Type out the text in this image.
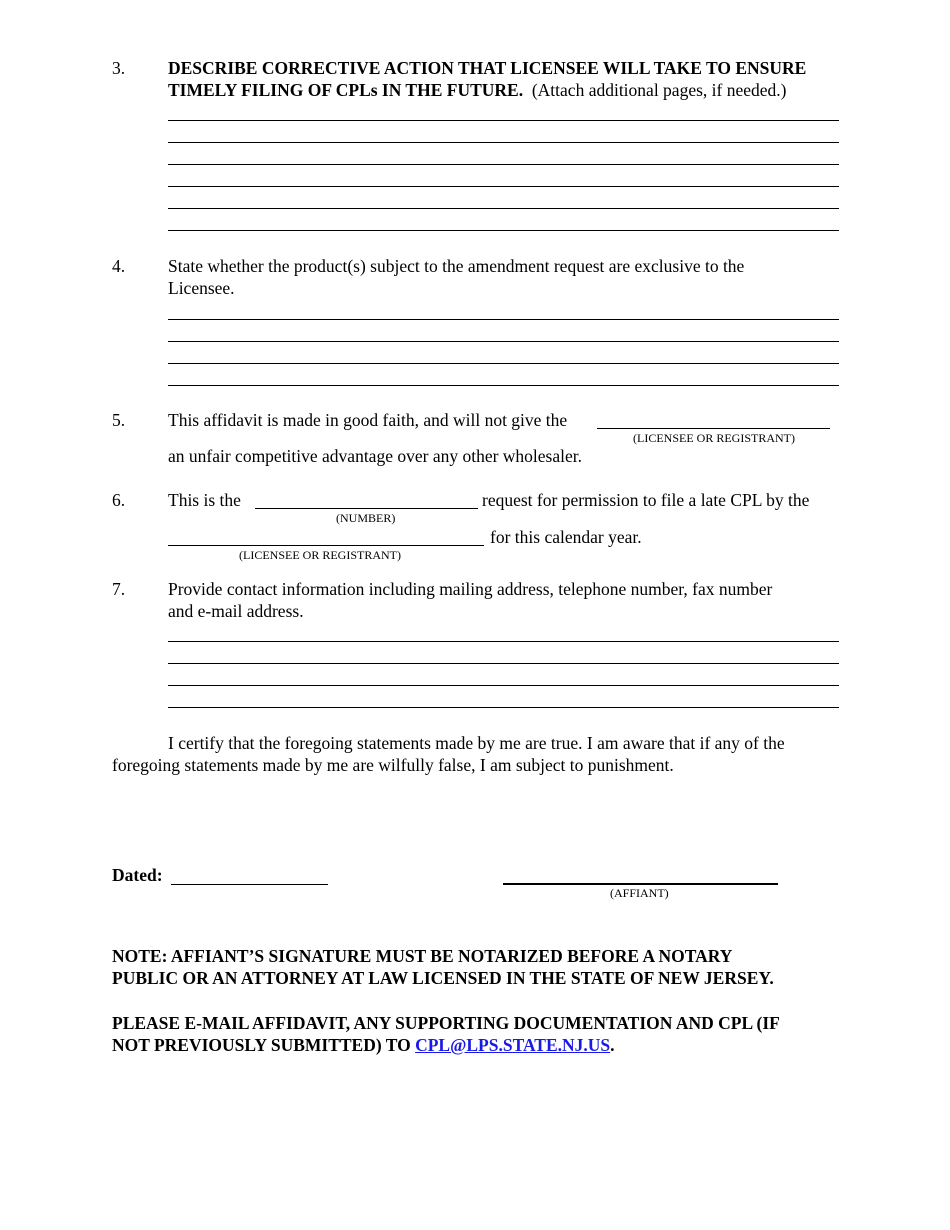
3. DESCRIBE CORRECTIVE ACTION THAT LICENSEE WILL TAKE TO ENSURE
TIMELY FILING OF CPLs IN THE FUTURE. (Attach additional pages, if needed.)
4. State whether the product(s) subject to the amendment request are exclusive to the
Licensee.
5. This affidavit is made in good faith, and will not give the
(LICENSEE OR REGISTRANT)
an unfair competitive advantage over any other wholesaler.
6. This is the	request for permission to file a late CPL by the
(NUMBER)
for this calendar year.
(LICENSEE OR REGISTRANT)
7. Provide contact information including mailing address, telephone number, fax number
and e-mail address.
I certify that the foregoing statements made by me are true. I am aware that if any of the
foregoing statements made by me are wilfully false, I am subject to punishment.
Dated:
(AFFIANT)
NOTE: AFFIANT’S SIGNATURE MUST BE NOTARIZED BEFORE A NOTARY
PUBLIC OR AN ATTORNEY AT LAW LICENSED IN THE STATE OF NEW JERSEY.
PLEASE E-MAIL AFFIDAVIT, ANY SUPPORTING DOCUMENTATION AND CPL (IF
NOT PREVIOUSLY SUBMITTED) TO CPL@LPS.STATE.NJ.US.
